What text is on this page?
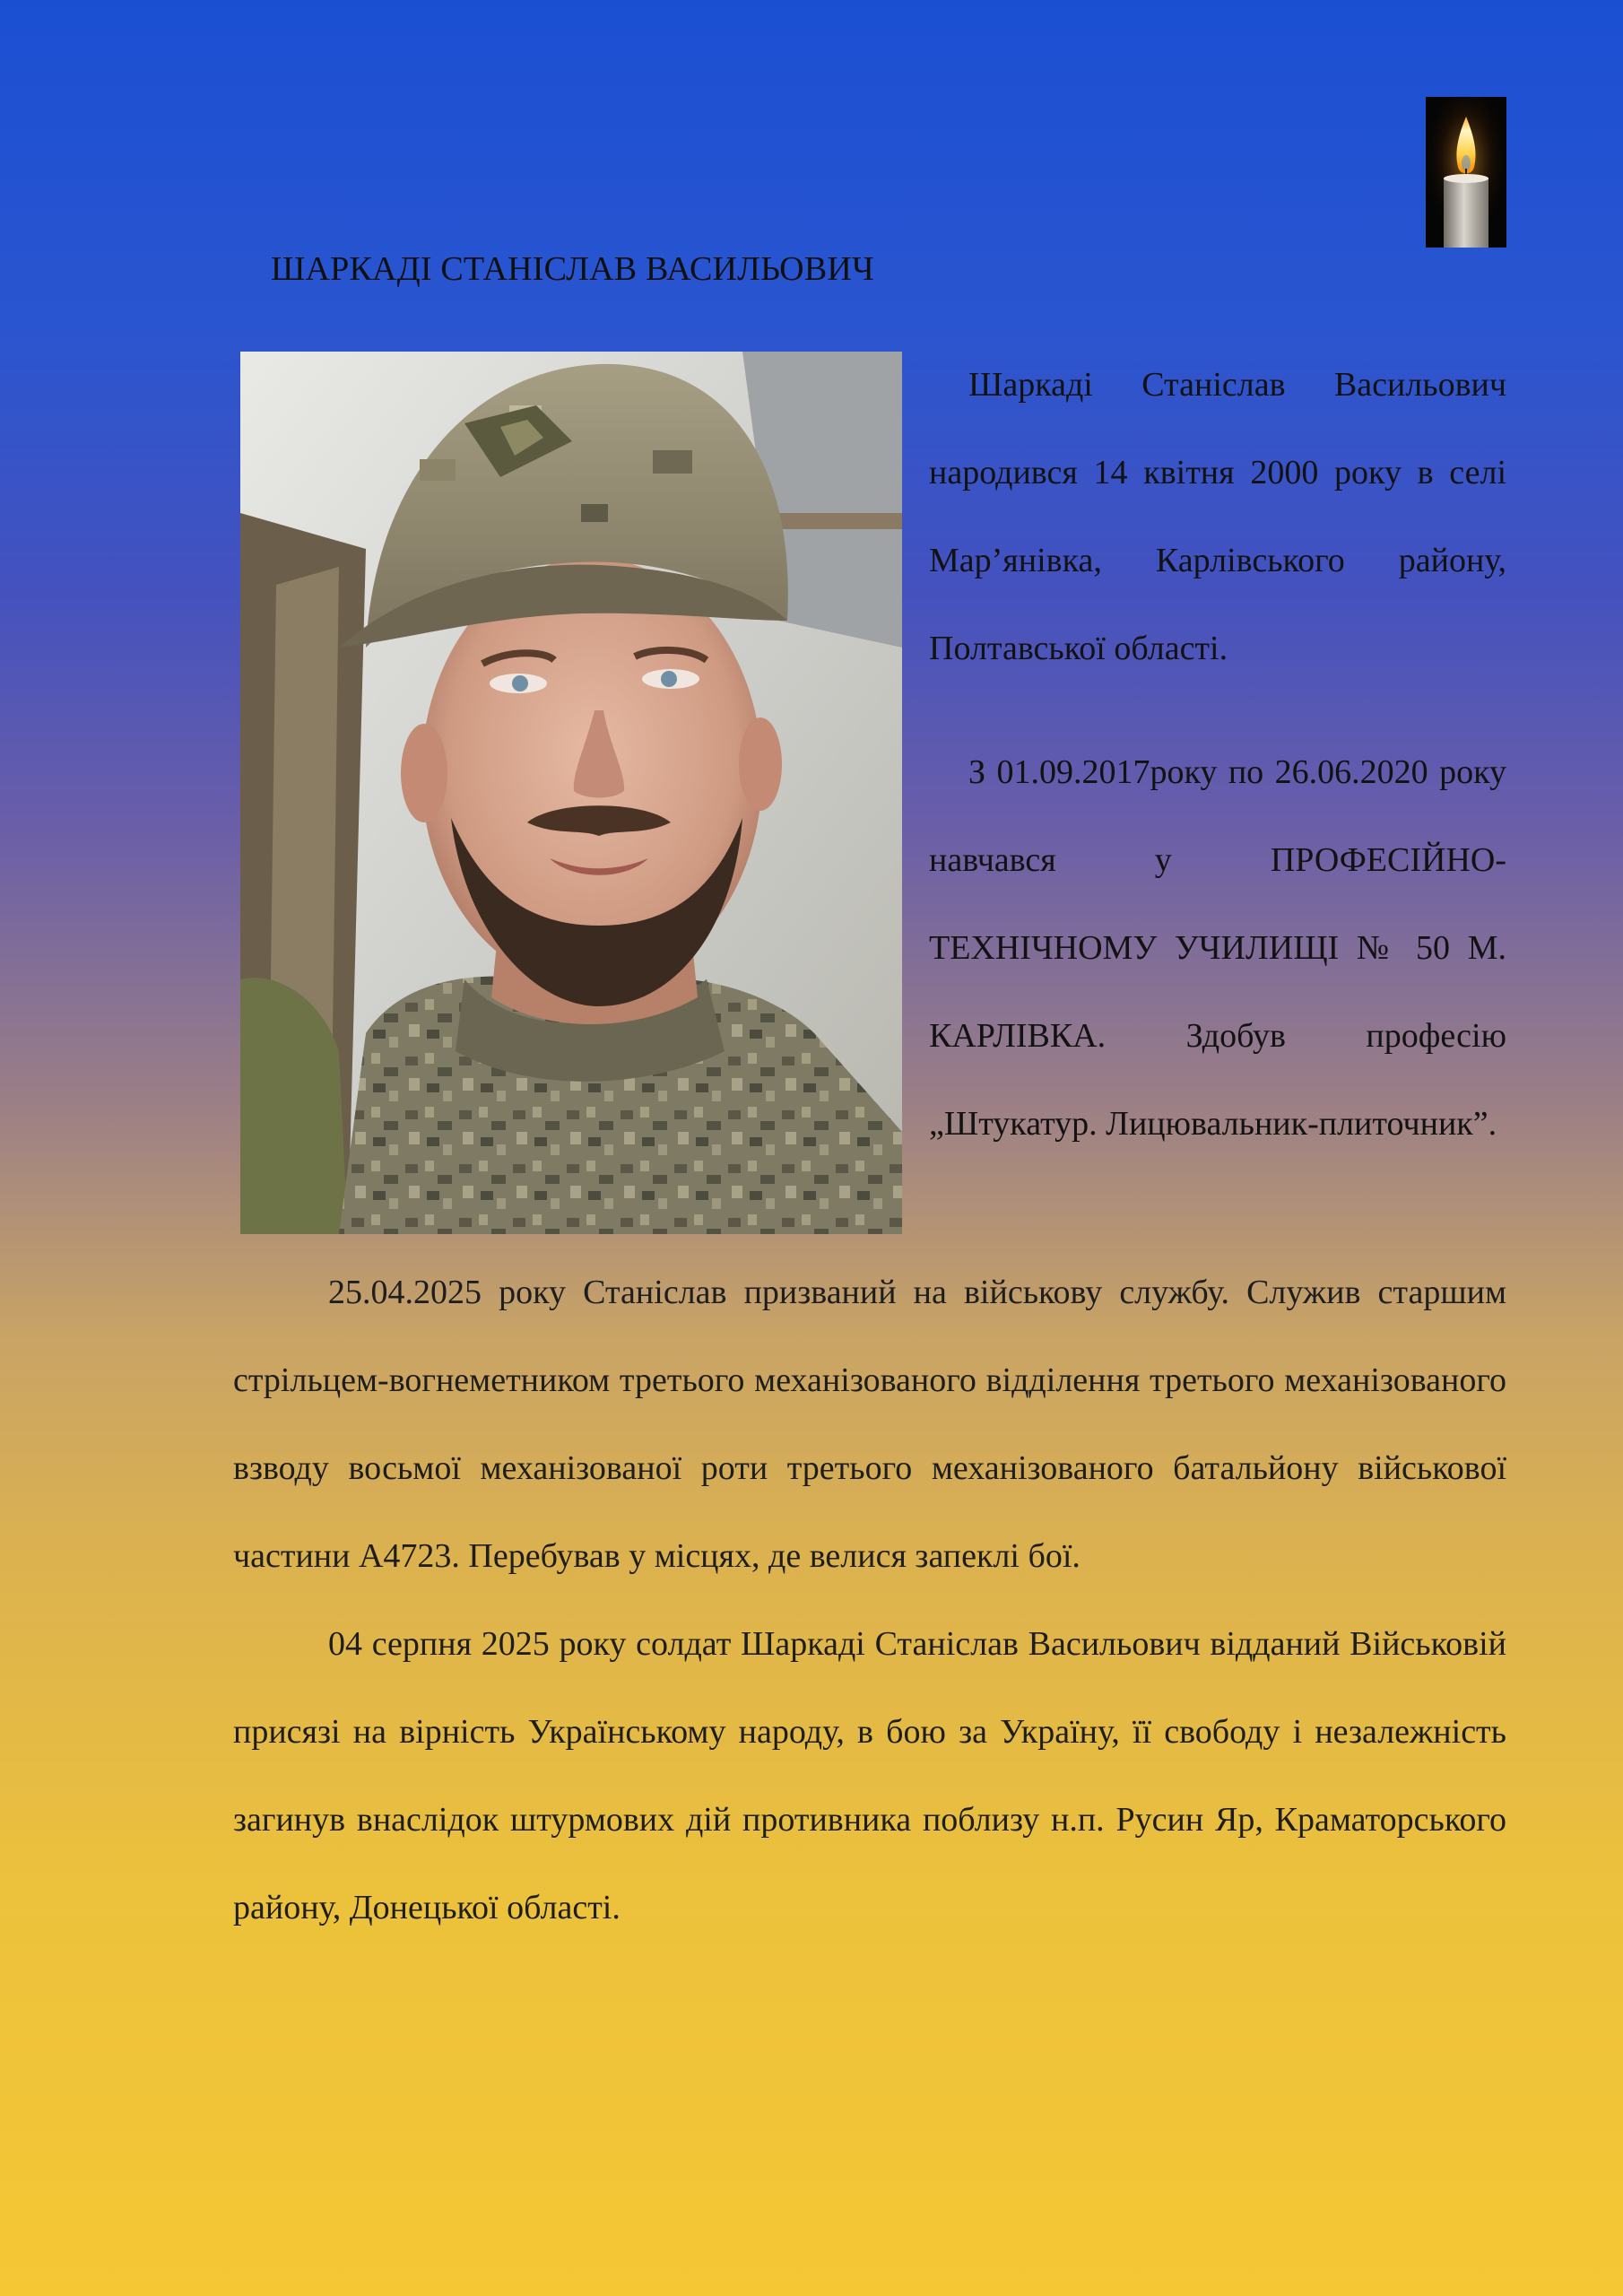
ШАРКАДІ СТАНІСЛАВ ВАСИЛЬОВИЧ

Шаркаді Станіслав Васильович народився 14 квітня 2000 року в селі Мар’янівка, Карлівського району, Полтавської області.

З 01.09.2017року по 26.06.2020 року навчався у ПРОФЕСІЙНО-ТЕХНІЧНОМУ УЧИЛИЩІ № 50 М. КАРЛІВКА. Здобув професію „Штукатур. Лицювальник-плиточник”.

25.04.2025 року Станіслав призваний на військову службу. Служив старшим стрільцем-вогнеметником третього механізованого відділення третього механізованого взводу восьмої механізованої роти третього механізованого батальйону військової частини А4723. Перебував у місцях, де велися запеклі бої.

04 серпня 2025 року солдат Шаркаді Станіслав Васильович відданий Військовій присязі на вірність Українському народу, в бою за Україну, її свободу і незалежність загинув внаслідок штурмових дій противника поблизу н.п. Русин Яр, Краматорського району, Донецької області.
